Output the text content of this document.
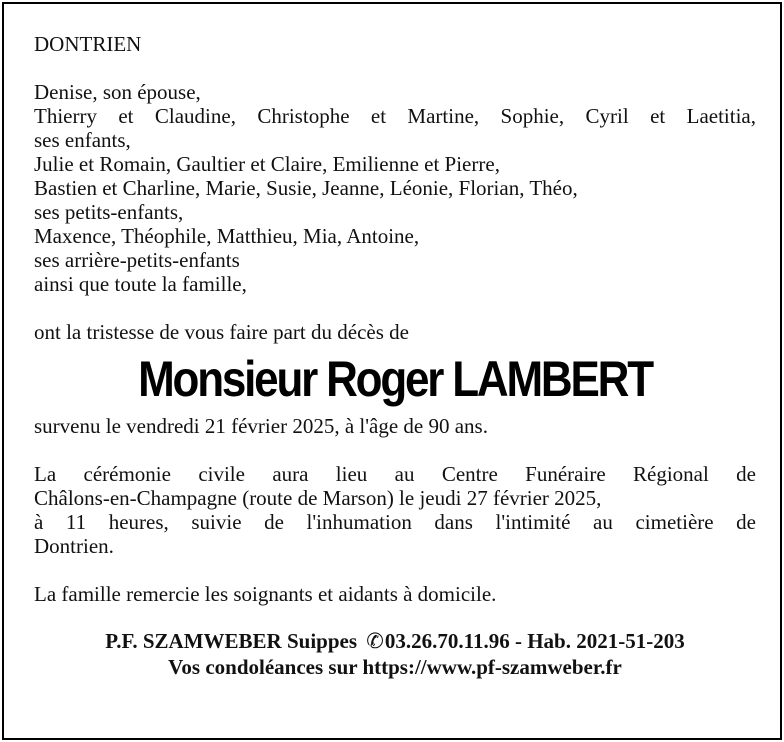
DONTRIEN
Denise, son épouse,
Thierry et Claudine, Christophe et Martine, Sophie, Cyril et Laetitia,
ses enfants,
Julie et Romain, Gaultier et Claire, Emilienne et Pierre,
Bastien et Charline, Marie, Susie, Jeanne, Léonie, Florian, Théo,
ses petits-enfants,
Maxence, Théophile, Matthieu, Mia, Antoine,
ses arrière-petits-enfants
ainsi que toute la famille,
ont la tristesse de vous faire part du décès de
Monsieur Roger LAMBERT
survenu le vendredi 21 février 2025, à l'âge de 90 ans.
La cérémonie civile aura lieu au Centre Funéraire Régional de
Châlons-en-Champagne (route de Marson) le jeudi 27 février 2025,
à 11 heures, suivie de l'inhumation dans l'intimité au cimetière de
Dontrien.
La famille remercie les soignants et aidants à domicile.
P.F. SZAMWEBER Suippes ✆03.26.70.11.96 - Hab. 2021-51-203
Vos condoléances sur https://www.pf-szamweber.fr
